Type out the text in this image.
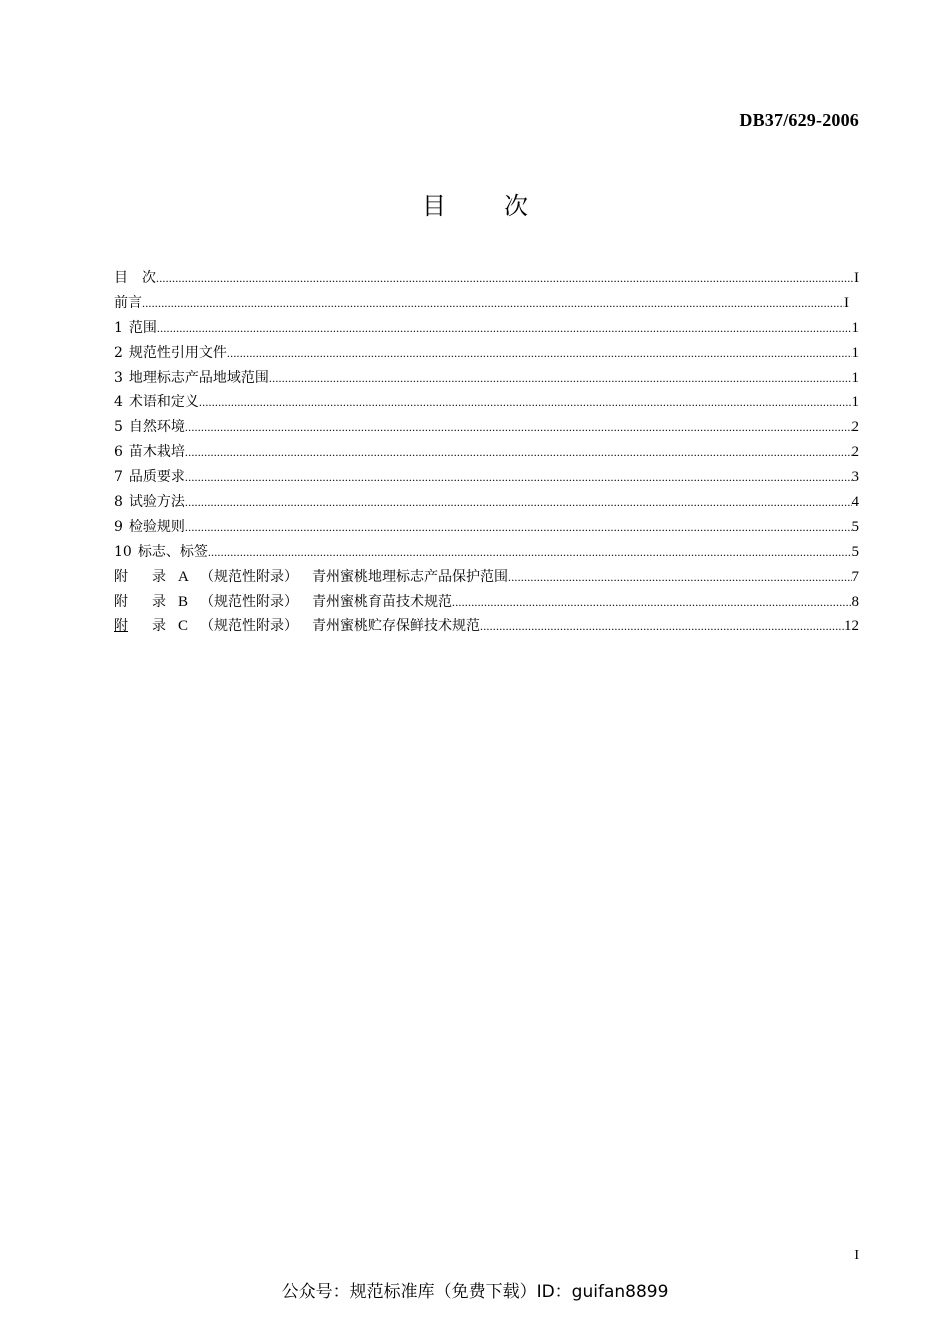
DB37/629-2006
目 次
目 次 .....	I
前言 .....	I
1 范围 .....	1
2 规范性引用文件 .....	1
3 地理标志产品地域范围 .....	1
4 术语和定义 .....	1
5 自然环境 .....	2
6 苗木栽培 .....	2
7 品质要求 .....	3
8 试验方法 .....	4
9 检验规则 .....	5
10 标志、标签 .....	5
附 录 A （规范性附录） 青州蜜桃地理标志产品保护范围 .....	7
附 录 B （规范性附录） 青州蜜桃育苗技术规范 .....	8
附 录 C （规范性附录） 青州蜜桃贮存保鲜技术规范 .....	12
I
公众号：规范标准库（免费下载）ID：guifan8899
